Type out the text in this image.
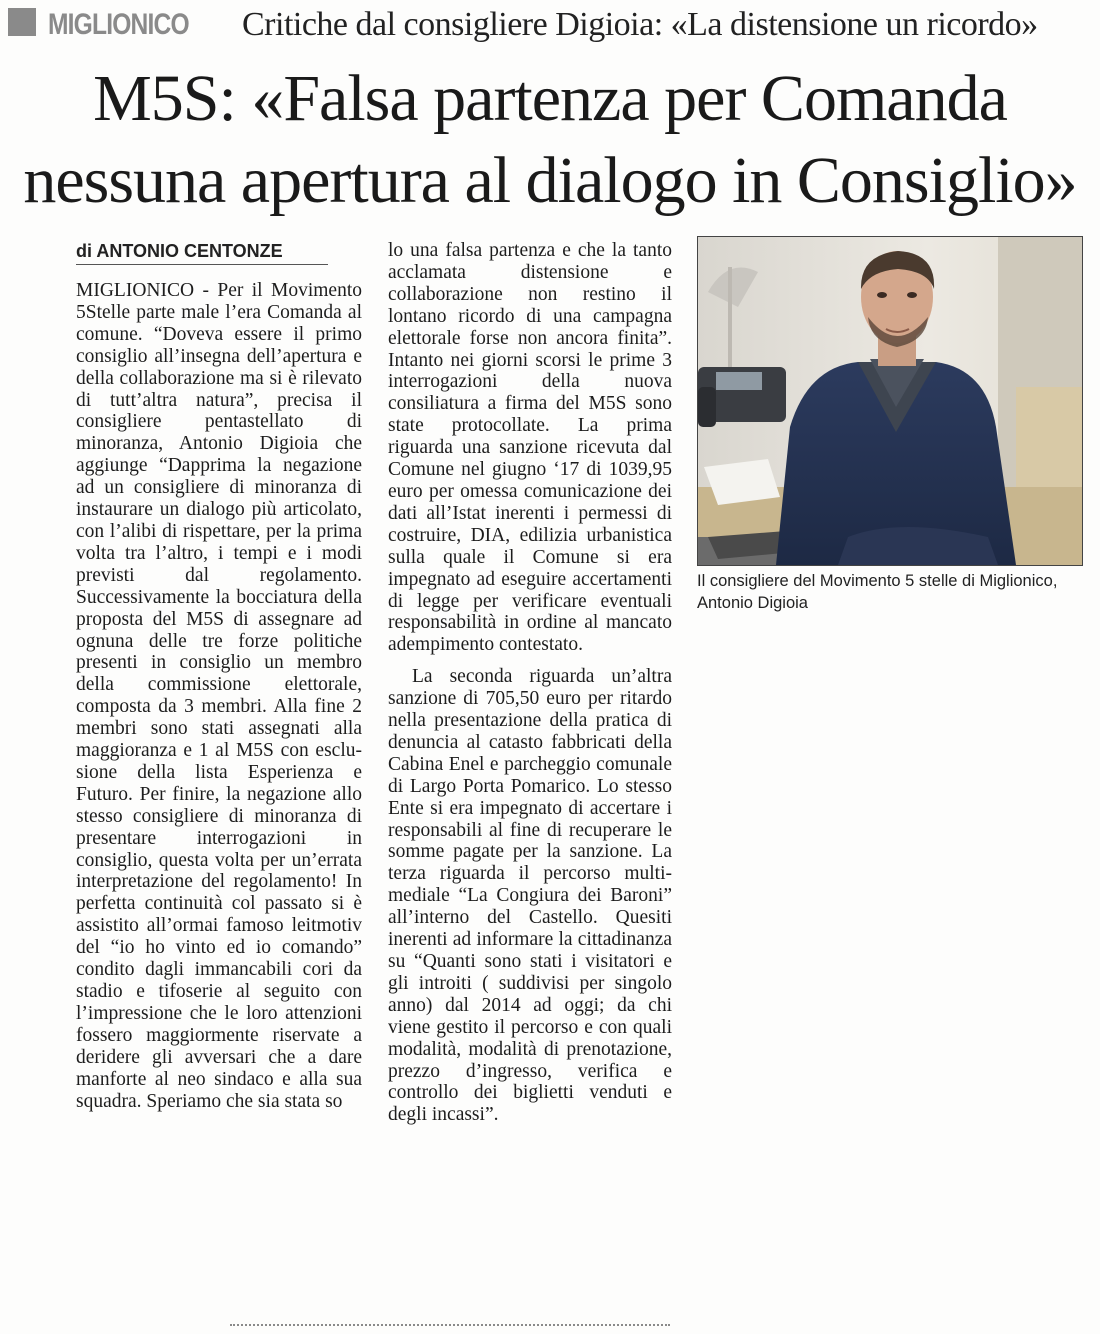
MIGLIONICO Critiche dal consigliere Digioia: «La distensione un ricordo»
M5S: «Falsa partenza per Comanda
nessuna apertura al dialogo in Consiglio»
di ANTONIO CENTONZE

MIGLIONICO - Per il Movimento 5Stelle parte male l’era Comanda al comune. “Doveva essere il primo consiglio all’insegna dell’apertura e della collaborazione ma si è rilevato di tutt’altra natura”, precisa il consigliere pentastellato di minoranza, Antonio Digioia che aggiunge “Dapprima la negazione ad un consigliere di minoranza di instaurare un dialogo più articolato, con l’alibi di rispettare, per la prima volta tra l’altro, i tempi e i modi previsti dal regolamento. Successivamente la bocciatura della proposta del M5S di assegnare ad ognuna delle tre forze politiche presenti in consiglio un membro della commissione elettorale, composta da 3 membri. Alla fine 2 membri sono stati assegnati alla maggioranza e 1 al M5S con esclusione della lista Esperienza e Futuro. Per finire, la negazione allo stesso consigliere di minoranza di presentare interrogazioni in consiglio, questa volta per un’errata interpretazione del regolamento! In perfetta continuità col passato si è assistito all’ormai famoso leitmotiv del “io ho vinto ed io comando” condito dagli immancabili cori da stadio e tifoserie al seguito con l’impressione che le loro attenzioni fossero maggiormente riservate a deridere gli avversari che a dare manforte al neo sindaco e alla sua squadra. Speriamo che sia stata so

lo una falsa partenza e che la tanto acclamata distensione e collaborazione non restino il lontano ricordo di una campagna elettorale forse non ancora finita”. Intanto nei giorni scorsi le prime 3 interrogazioni della nuova consiliatura a firma del M5S sono state protocollate. La prima riguarda una sanzione ricevuta dal Comune nel giugno ‘17 di 1039,95 euro per omessa comunicazione dei dati all’Istat inerenti i permessi di costruire, DIA, edilizia urbanistica sulla quale il Comune si era impegnato ad eseguire accertamenti di legge per verificare eventuali responsabilità in ordine al mancato adempimento contestato.

La seconda riguarda un’altra sanzione di 705,50 euro per ritardo nella presentazione della pratica di denuncia al catasto fabbricati della Cabina Enel e parcheggio comunale di Largo Porta Pomarico. Lo stesso Ente si era impegnato di accertare i responsabili al fine di recuperare le somme pagate per la sanzione. La terza riguarda il percorso multimediale “La Congiura dei Baroni” all’interno del Castello. Quesiti inerenti ad informare la cittadinanza su “Quanti sono stati i visitatori e gli introiti ( suddivisi per singolo anno) dal 2014 ad oggi; da chi viene gestito il percorso e con quali modalità, modalità di prenotazione, prezzo d’ingresso, verifica e controllo dei biglietti venduti e degli incassi”.

Il consigliere del Movimento 5 stelle di Miglionico, Antonio Digioia
